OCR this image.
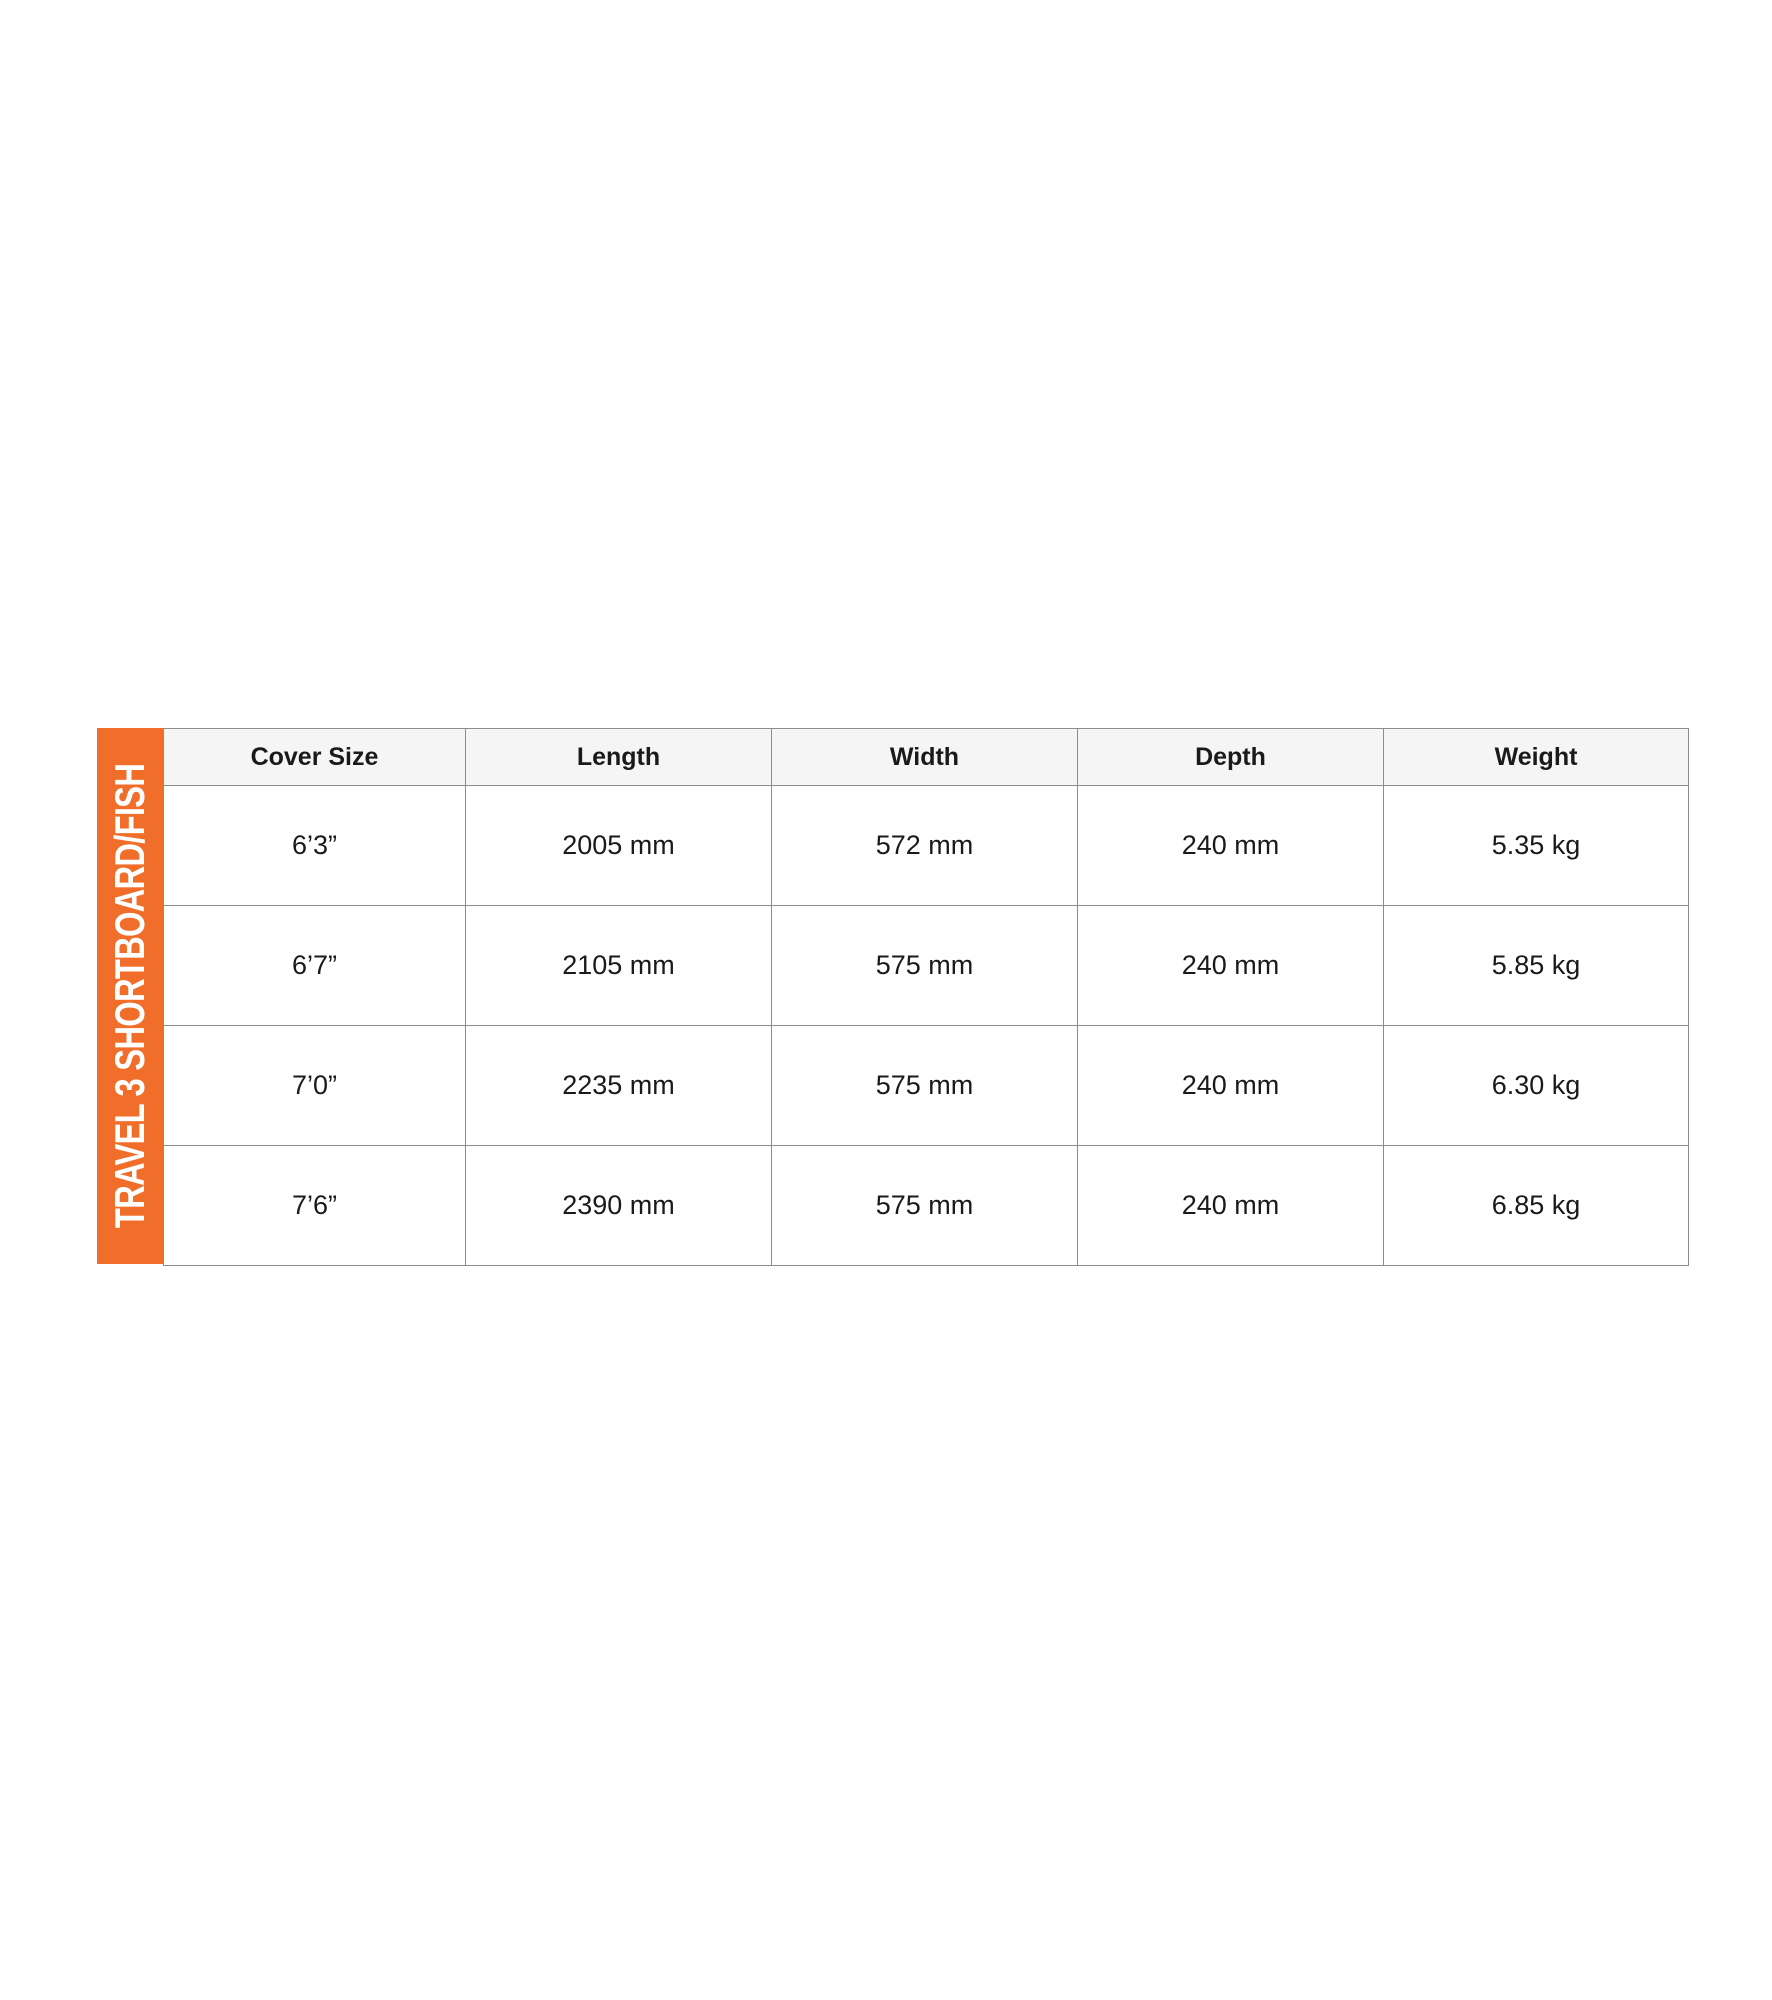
TRAVEL 3 SHORTBOARD/FISH
Cover Size	Length	Width	Depth	Weight
6’3”	2005 mm	572 mm	240 mm	5.35 kg
6’7”	2105 mm	575 mm	240 mm	5.85 kg
7’0”	2235 mm	575 mm	240 mm	6.30 kg
7’6”	2390 mm	575 mm	240 mm	6.85 kg
